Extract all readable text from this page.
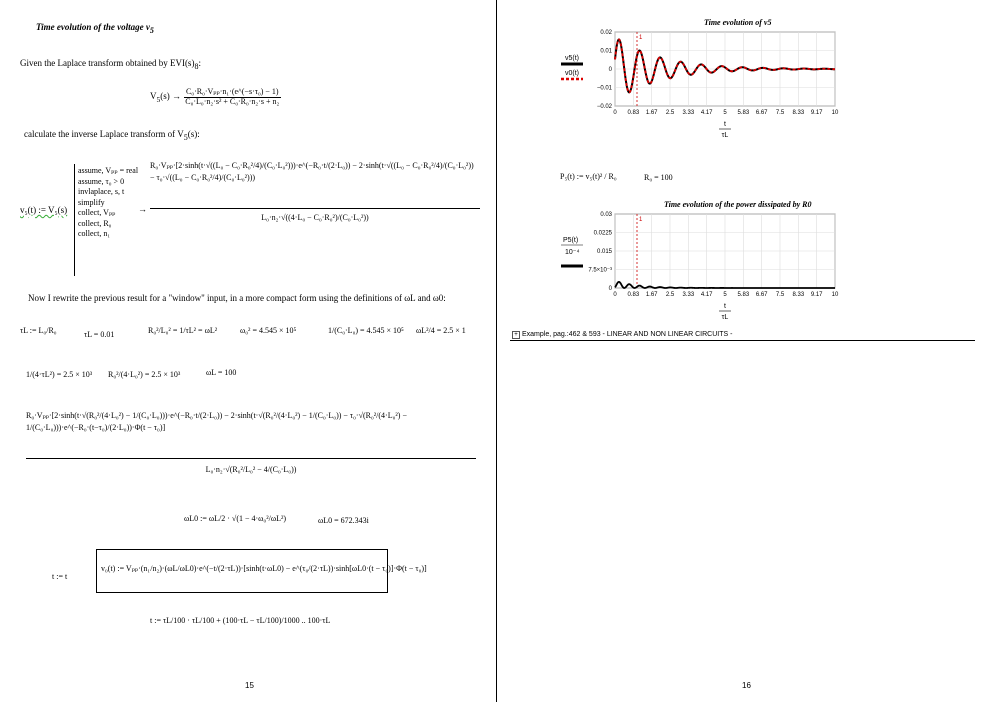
Time evolution of the voltage $v_5$
Given the Laplace transform obtained by $EVI(s)_8$:
$V_5(s) \to \frac{\text{C₀·R₀·Vₚₚ·n₁·(e\textasciicircum{}(−s·τ₀) − 1)}}{\text{C₀·L₀·n₂·s² + C₀·R₀·n₂·s + n₂}}$
calculate the inverse Laplace transform of $V_5(s)$:
v₅(t) := V₅(s)
assume, Vₚₚ = real
assume, τ₀ > 0
invlaplace, s, t
simplify
collect, Vₚₚ
collect, R₀
collect, n₁
→
R₀·Vₚₚ·[2·sinh(t·√((L₀ − C₀·R₀²/4)/(C₀·L₀²)))·e^(−R₀·t/(2·L₀)) − 2·sinh(t·√((L₀ − C₀·R₀²/4)/(C₀·L₀²)) − τ₀·√((L₀ − C₀·R₀²/4)/(C₀·L₀²)))
L₀·n₂·√((4·L₀ − C₀·R₀²)/(C₀·L₀²))
Now I rewrite the previous result for a "window" input, in a more compact form using the definitions of ωL and ω0:
τL := L₀/R₀	τL = 0.01	R₀²/L₀² = 1/τL² = ωL²	ω₀² = 4.545 × 10⁵	1/(C₀·L₀) = 4.545 × 10⁵ ωL²/4 = 2.5 × 1
1/(4·τL²) = 2.5 × 10³ R₀²/(4·L₀²) = 2.5 × 10³	ωL = 100
R₀·Vₚₚ·[2·sinh(t·√(R₀²/(4·L₀²) − 1/(C₀·L₀)))·e^(−R₀·t/(2·L₀)) − 2·sinh(t·√(R₀²/(4·L₀²) − 1/(C₀·L₀)) − τ₀·√(R₀²/(4·L₀²) − 1/(C₀·L₀)))·e^(−R₀·(t−τ₀)/(2·L₀))·Φ(t − τ₀)]
L₀·n₂·√(R₀²/L₀² − 4/(C₀·L₀))
ωL0 := ωL/2 · √(1 − 4·ω₀²/ωL²)	ωL0 = 672.343i
t := t
v₀(t) := Vₚₚ·(n₁/n₂)·(ωL/ωL0)·e^(−t/(2·τL))·[sinh(t·ωL0) − e^(τ₀/(2·τL))·sinh[ωL0·(t − τ₀)]·Φ(t − τ₀)]
t := τL/100 · τL/100 + (100·τL − τL/100)/1000 .. 100·τL
15
Time evolution of v5
0 0.83 1.67 2.5 3.33 4.17 5 5.83 6.67 7.5 8.33 9.17 10
0.02
0.01
0
−0.01
−0.02
1
t
τL
v5(t)
v0(t)
P₅(t) := v₅(t)² / R₀	R₀ = 100
Time evolution of the power dissipated by R0
0 0.83 1.67 2.5 3.33 4.17 5 5.83 6.67 7.5 8.33 9.17 10
0.03
0.0225
0.015
7.5×10⁻³
0
1
t
τL
P5(t)
10⁻⁴
+ Example, pag.:462 & 593 - LINEAR AND NON LINEAR CIRCUITS -
16
